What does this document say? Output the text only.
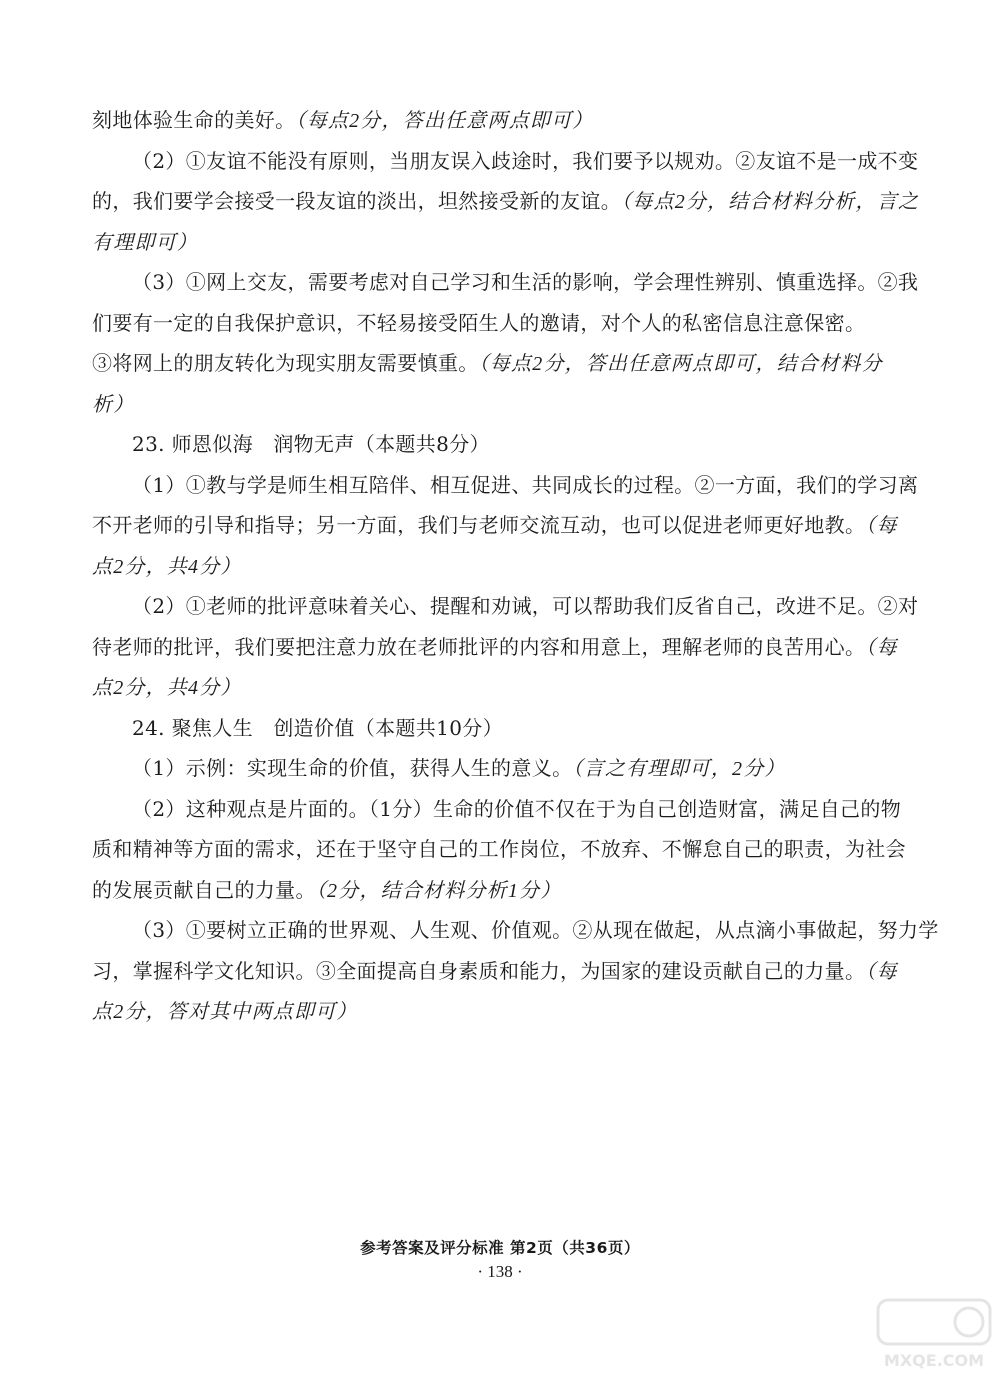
刻地体验生命的美好。（每点2分，答出任意两点即可）
（2）①友谊不能没有原则，当朋友误入歧途时，我们要予以规劝。②友谊不是一成不变
的，我们要学会接受一段友谊的淡出，坦然接受新的友谊。（每点2分，结合材料分析，言之
有理即可）
（3）①网上交友，需要考虑对自己学习和生活的影响，学会理性辨别、慎重选择。②我
们要有一定的自我保护意识，不轻易接受陌生人的邀请，对个人的私密信息注意保密。
③将网上的朋友转化为现实朋友需要慎重。（每点2分，答出任意两点即可，结合材料分
析）
23. 师恩似海　润物无声（本题共8分）
（1）①教与学是师生相互陪伴、相互促进、共同成长的过程。②一方面，我们的学习离
不开老师的引导和指导；另一方面，我们与老师交流互动，也可以促进老师更好地教。（每
点2分，共4分）
（2）①老师的批评意味着关心、提醒和劝诫，可以帮助我们反省自己，改进不足。②对
待老师的批评，我们要把注意力放在老师批评的内容和用意上，理解老师的良苦用心。（每
点2分，共4分）
24. 聚焦人生　创造价值（本题共10分）
（1）示例：实现生命的价值，获得人生的意义。（言之有理即可，2分）
（2）这种观点是片面的。（1分）生命的价值不仅在于为自己创造财富，满足自己的物
质和精神等方面的需求，还在于坚守自己的工作岗位，不放弃、不懈怠自己的职责，为社会
的发展贡献自己的力量。（2分，结合材料分析1分）
（3）①要树立正确的世界观、人生观、价值观。②从现在做起，从点滴小事做起，努力学
习，掌握科学文化知识。③全面提高自身素质和能力，为国家的建设贡献自己的力量。（每
点2分，答对其中两点即可）
参考答案及评分标准 第2页（共36页）
· 138 ·
MXQE.COM
